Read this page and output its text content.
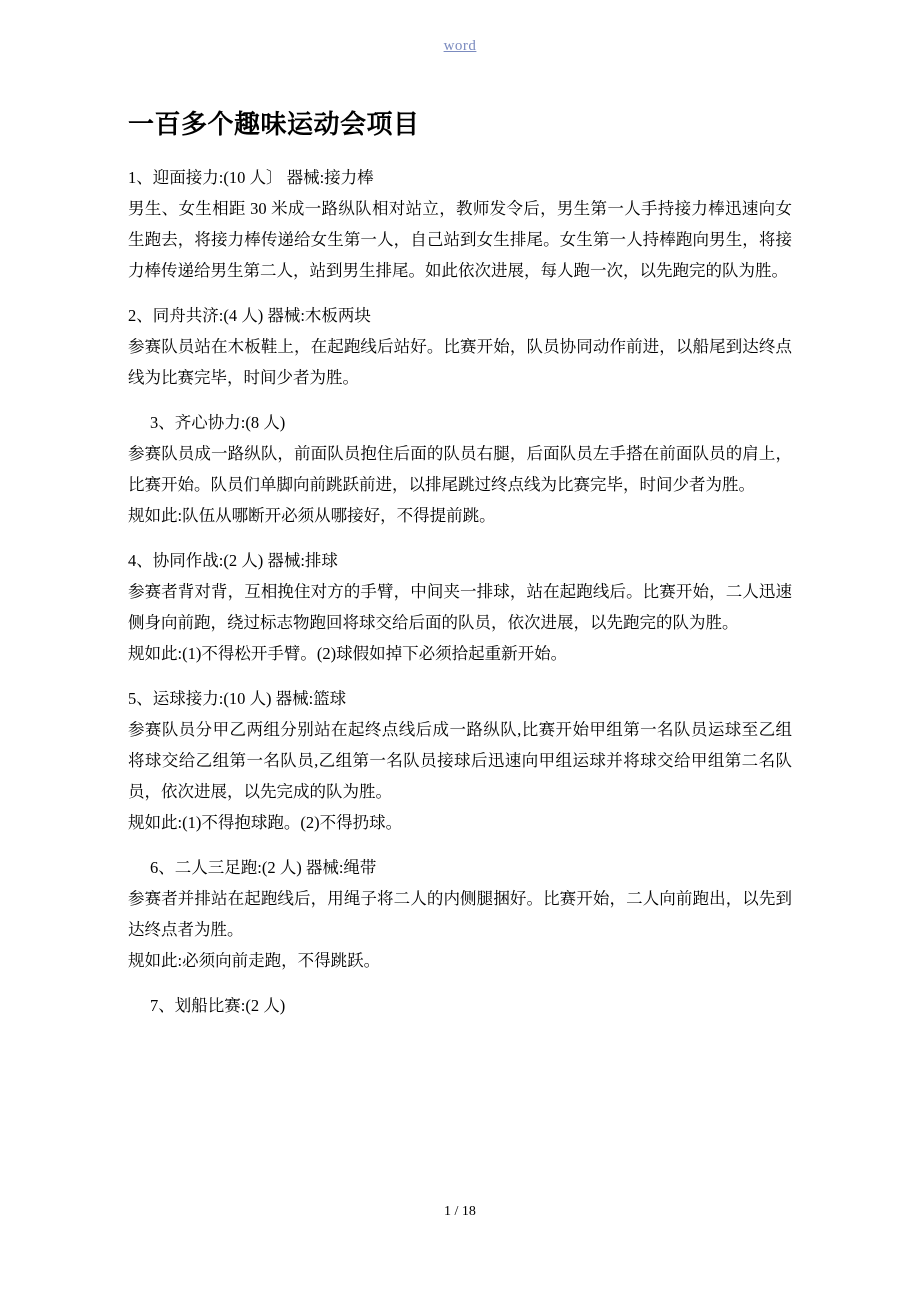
word
一百多个趣味运动会项目
1、迎面接力:(10 人〕 器械:接力棒
男生、女生相距 30 米成一路纵队相对站立，教师发令后，男生第一人手持接力棒迅速向女生跑去，将接力棒传递给女生第一人，自己站到女生排尾。女生第一人持棒跑向男生，将接力棒传递给男生第二人，站到男生排尾。如此依次进展，每人跑一次，以先跑完的队为胜。
2、同舟共济:(4 人) 器械:木板两块
参赛队员站在木板鞋上，在起跑线后站好。比赛开始，队员协同动作前进，以船尾到达终点线为比赛完毕，时间少者为胜。
3、齐心协力:(8 人)
参赛队员成一路纵队，前面队员抱住后面的队员右腿，后面队员左手搭在前面队员的肩上，比赛开始。队员们单脚向前跳跃前进，以排尾跳过终点线为比赛完毕，时间少者为胜。
规如此:队伍从哪断开必须从哪接好，不得提前跳。
4、协同作战:(2 人) 器械:排球
参赛者背对背，互相挽住对方的手臂，中间夹一排球，站在起跑线后。比赛开始，二人迅速侧身向前跑，绕过标志物跑回将球交给后面的队员，依次进展，以先跑完的队为胜。
规如此:(1)不得松开手臂。(2)球假如掉下必须拾起重新开始。
5、运球接力:(10 人) 器械:篮球
参赛队员分甲乙两组分别站在起终点线后成一路纵队,比赛开始甲组第一名队员运球至乙组将球交给乙组第一名队员,乙组第一名队员接球后迅速向甲组运球并将球交给甲组第二名队员，依次进展，以先完成的队为胜。
规如此:(1)不得抱球跑。(2)不得扔球。
6、二人三足跑:(2 人) 器械:绳带
参赛者并排站在起跑线后，用绳子将二人的内侧腿捆好。比赛开始，二人向前跑出，以先到达终点者为胜。
规如此:必须向前走跑，不得跳跃。
7、划船比赛:(2 人)
1 / 18
